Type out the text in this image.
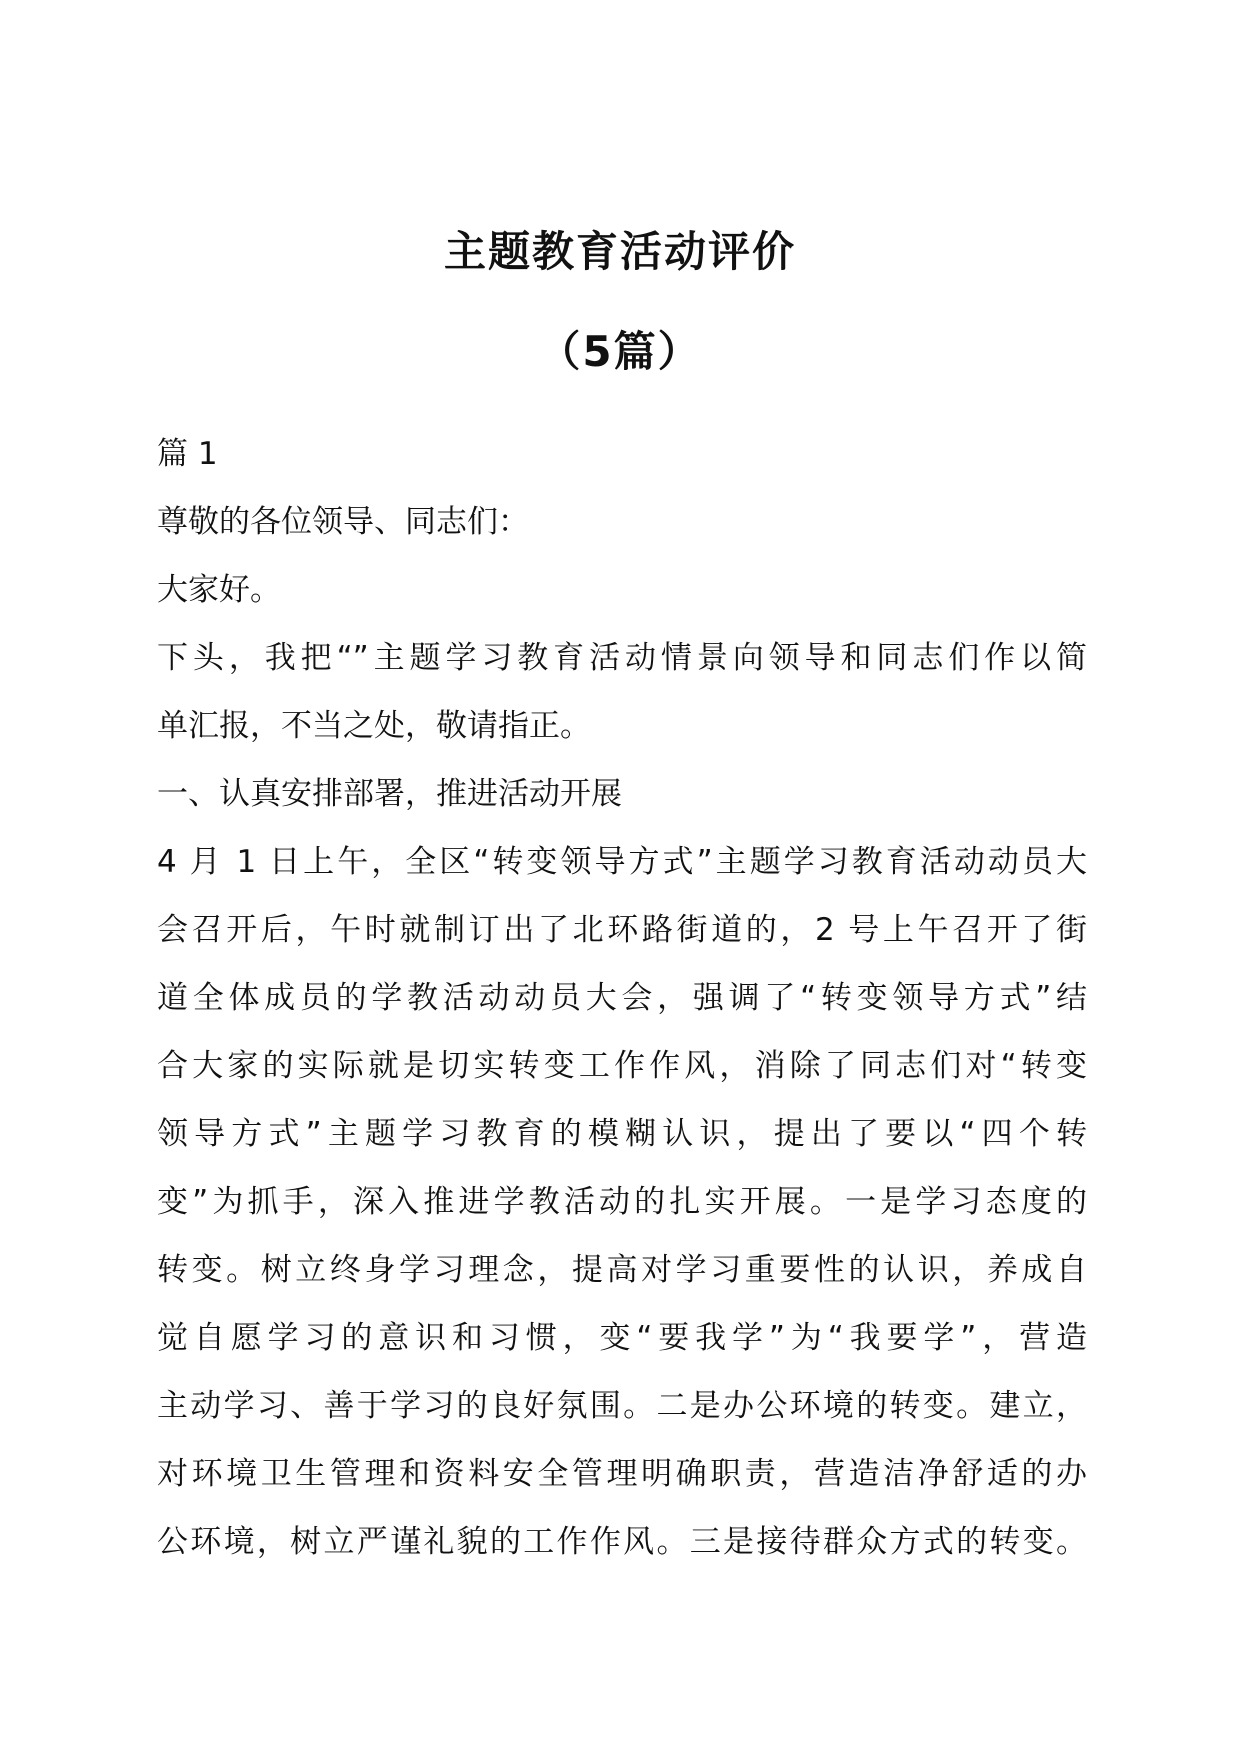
主题教育活动评价
（5篇）
篇 1
尊敬的各位领导、同志们：
大家好。
下头，我把“”主题学习教育活动情景向领导和同志们作以简
单汇报，不当之处，敬请指正。
一、认真安排部署，推进活动开展
4 月 1 日上午，全区“转变领导方式”主题学习教育活动动员大
会召开后，午时就制订出了北环路街道的，2 号上午召开了街
道全体成员的学教活动动员大会，强调了“转变领导方式”结
合大家的实际就是切实转变工作作风，消除了同志们对“转变
领导方式”主题学习教育的模糊认识，提出了要以“四个转
变”为抓手，深入推进学教活动的扎实开展。一是学习态度的
转变。树立终身学习理念，提高对学习重要性的认识，养成自
觉自愿学习的意识和习惯，变“要我学”为“我要学”，营造
主动学习、善于学习的良好氛围。二是办公环境的转变。建立，
对环境卫生管理和资料安全管理明确职责，营造洁净舒适的办
公环境，树立严谨礼貌的工作作风。三是接待群众方式的转变。
